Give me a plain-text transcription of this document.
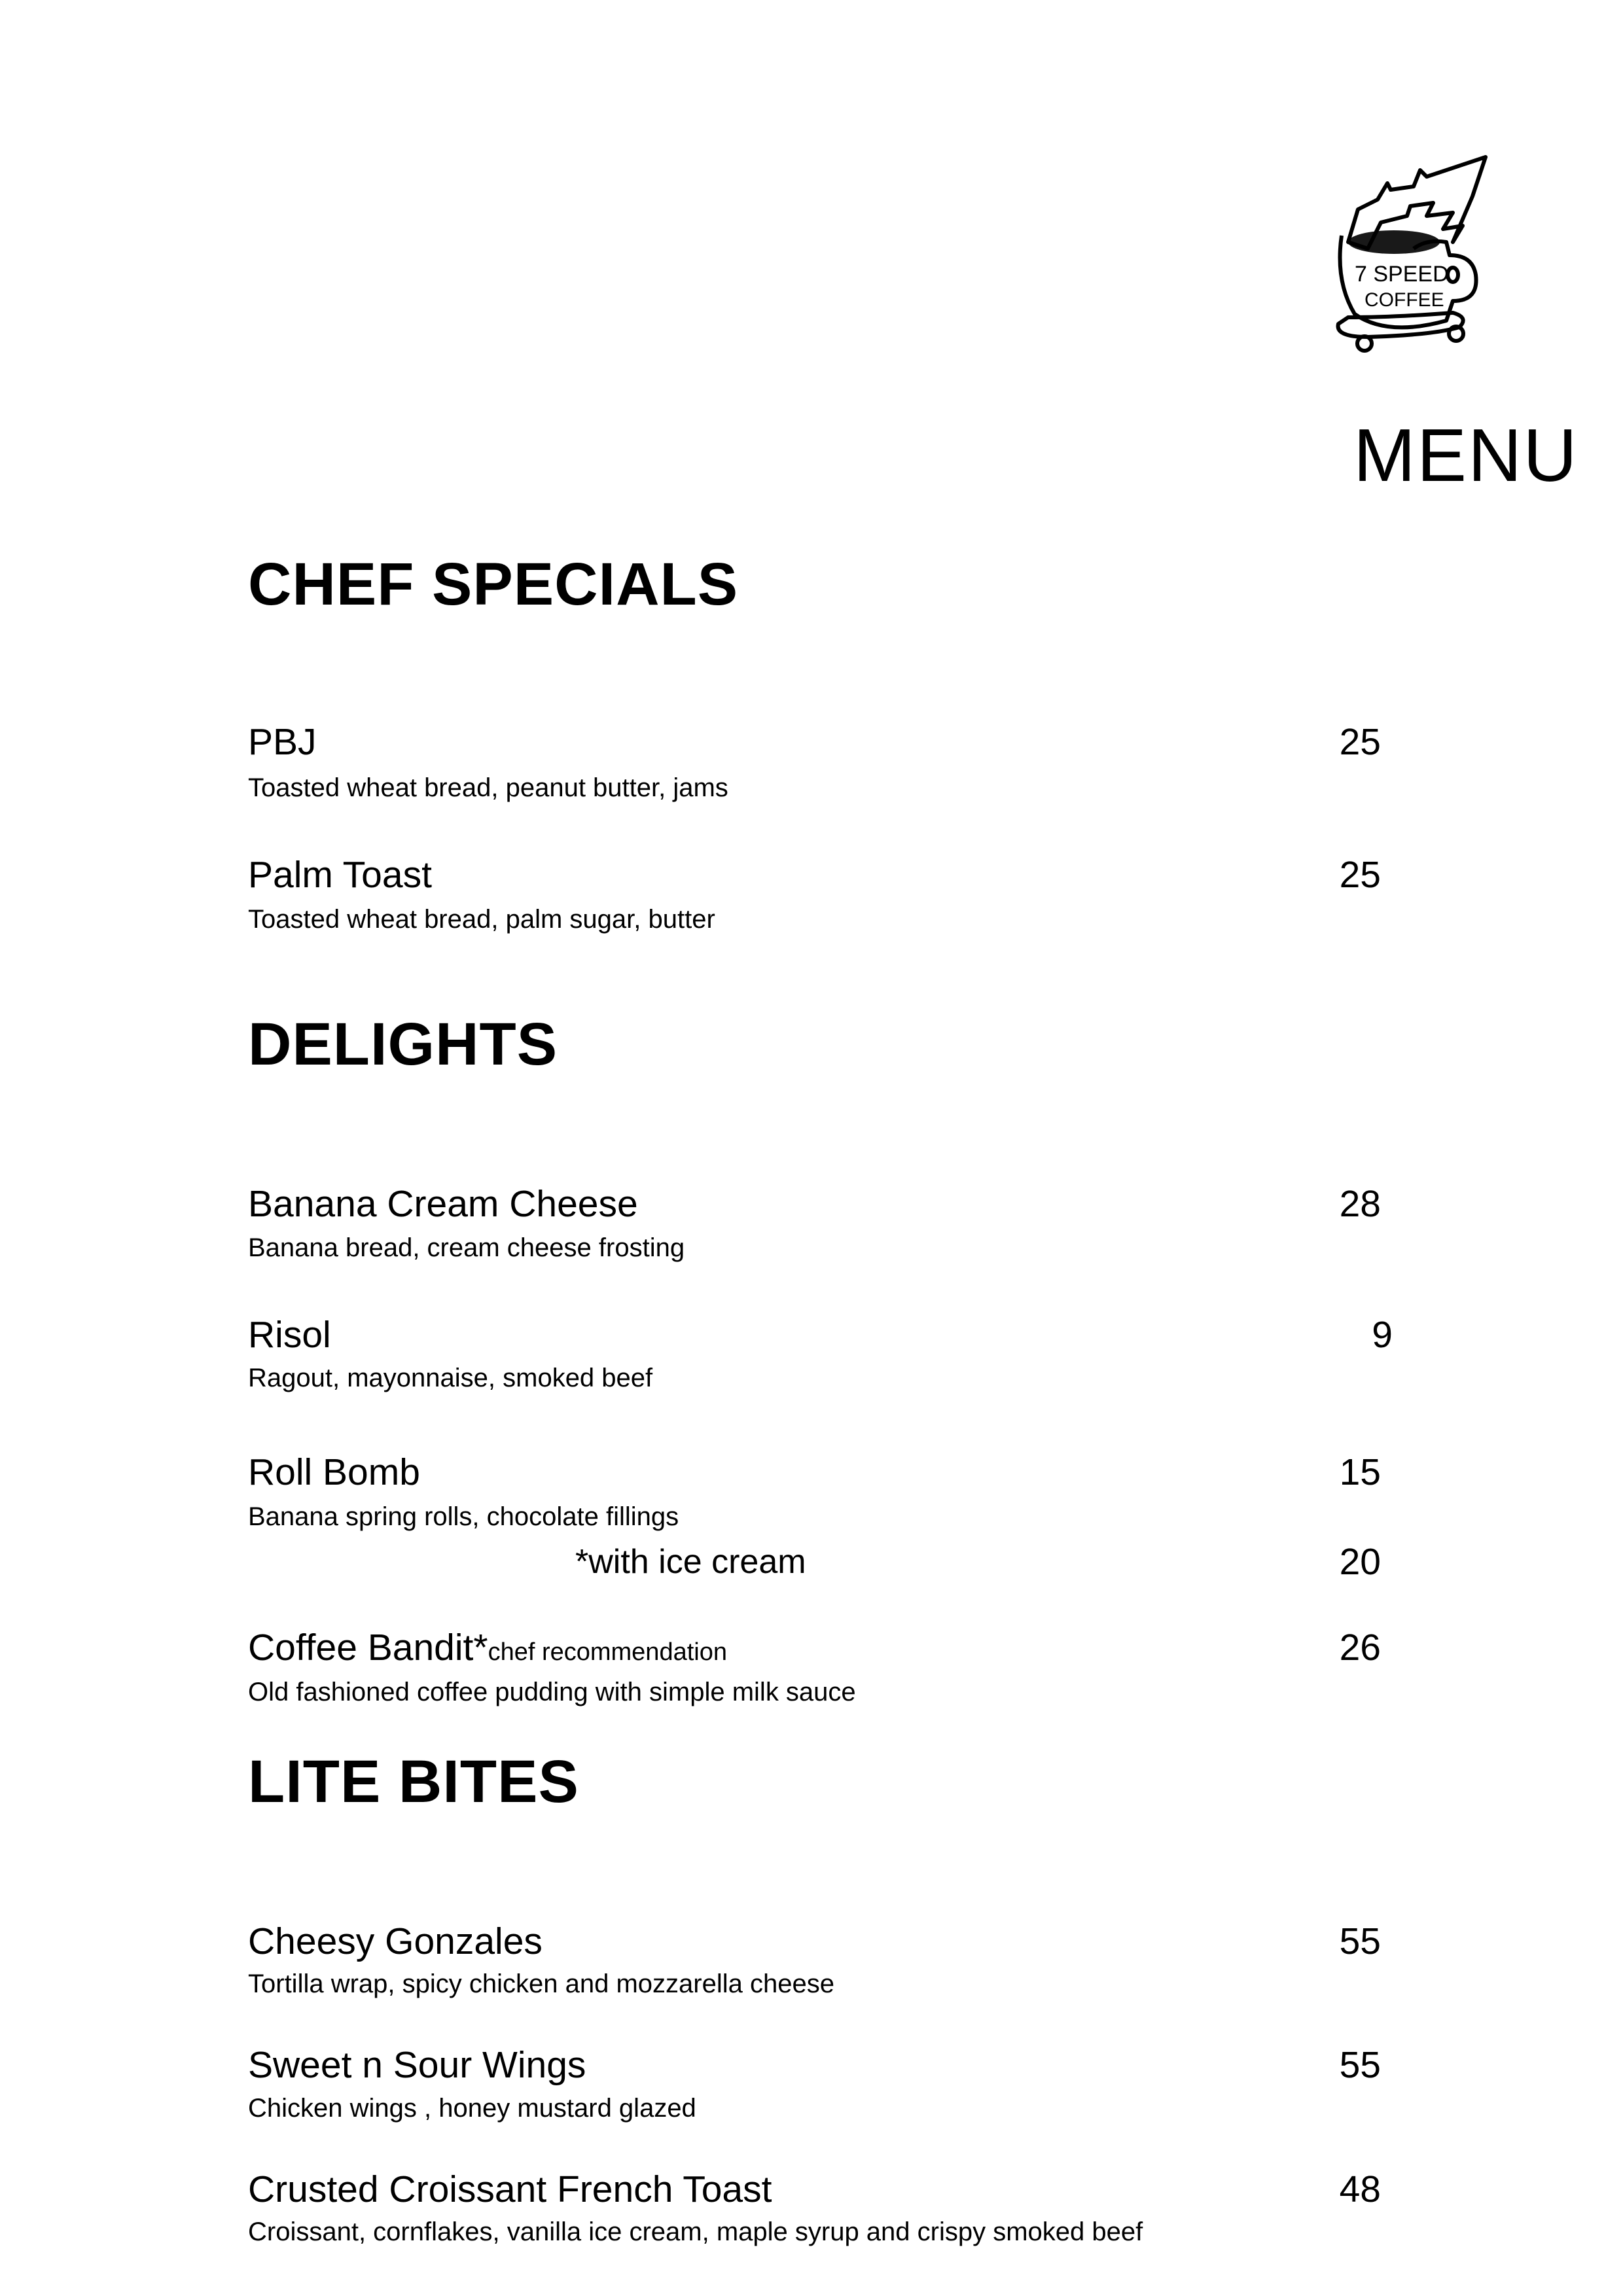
7 SPEED
COFFEE
MENU
CHEF SPECIALS
PBJ	25
Toasted wheat bread, peanut butter, jams
Palm Toast	25
Toasted wheat bread, palm sugar, butter
DELIGHTS
Banana Cream Cheese	28
Banana bread, cream cheese frosting
Risol	9
Ragout, mayonnaise, smoked beef
Roll Bomb	15
Banana spring rolls, chocolate fillings
*with ice cream	20
Coffee Bandit*chef recommendation	26
Old fashioned coffee pudding with simple milk sauce
LITE BITES
Cheesy Gonzales	55
Tortilla wrap, spicy chicken and mozzarella cheese
Sweet n Sour Wings	55
Chicken wings , honey mustard glazed
Crusted Croissant French Toast	48
Croissant, cornflakes, vanilla ice cream, maple syrup and crispy smoked beef
